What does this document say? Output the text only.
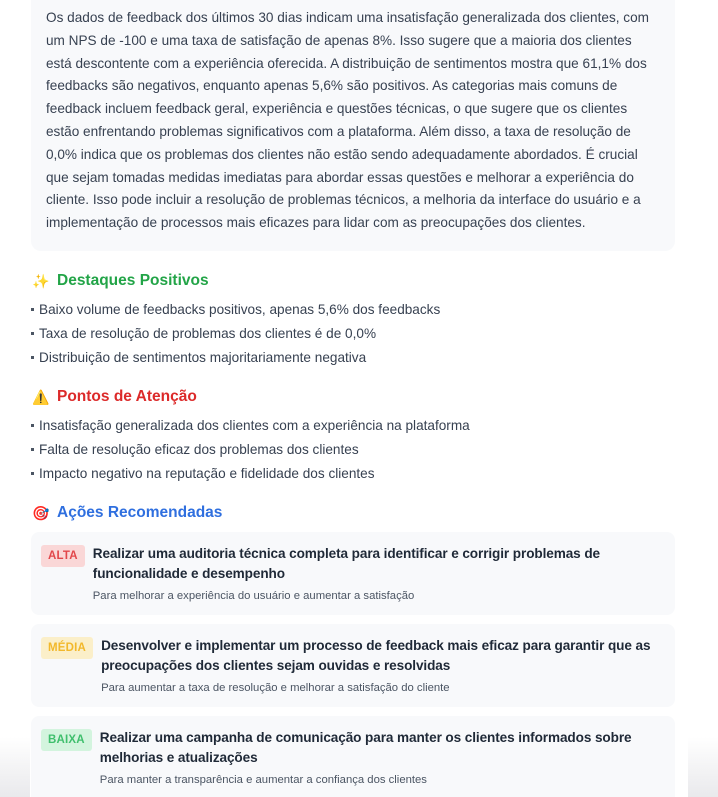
Os dados de feedback dos últimos 30 dias indicam uma insatisfação generalizada dos clientes, com um NPS de -100 e uma taxa de satisfação de apenas 8%. Isso sugere que a maioria dos clientes está descontente com a experiência oferecida. A distribuição de sentimentos mostra que 61,1% dos feedbacks são negativos, enquanto apenas 5,6% são positivos. As categorias mais comuns de feedback incluem feedback geral, experiência e questões técnicas, o que sugere que os clientes estão enfrentando problemas significativos com a plataforma. Além disso, a taxa de resolução de 0,0% indica que os problemas dos clientes não estão sendo adequadamente abordados. É crucial que sejam tomadas medidas imediatas para abordar essas questões e melhorar a experiência do cliente. Isso pode incluir a resolução de problemas técnicos, a melhoria da interface do usuário e a implementação de processos mais eficazes para lidar com as preocupações dos clientes.

✨ Destaques Positivos
Baixo volume de feedbacks positivos, apenas 5,6% dos feedbacks
Taxa de resolução de problemas dos clientes é de 0,0%
Distribuição de sentimentos majoritariamente negativa
⚠️ Pontos de Atenção
Insatisfação generalizada dos clientes com a experiência na plataforma
Falta de resolução eficaz dos problemas dos clientes
Impacto negativo na reputação e fidelidade dos clientes
🎯 Ações Recomendadas
ALTA	Realizar uma auditoria técnica completa para identificar e corrigir problemas de funcionalidade e desempenho

Para melhorar a experiência do usuário e aumentar a satisfação
MÉDIA	Desenvolver e implementar um processo de feedback mais eficaz para garantir que as preocupações dos clientes sejam ouvidas e resolvidas

Para aumentar a taxa de resolução e melhorar a satisfação do cliente
BAIXA	Realizar uma campanha de comunicação para manter os clientes informados sobre melhorias e atualizações

Para manter a transparência e aumentar a confiança dos clientes
